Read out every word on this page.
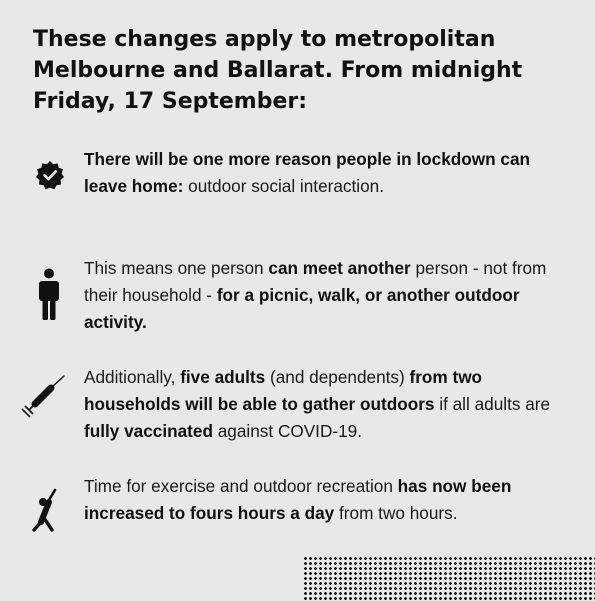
These changes apply to metropolitan
Melbourne and Ballarat. From midnight
Friday, 17 September:
There will be one more reason people in lockdown can leave home: outdoor social interaction.
This means one person can meet another person - not from their household - for a picnic, walk, or another outdoor activity.
Additionally, five adults (and dependents) from two households will be able to gather outdoors if all adults are fully vaccinated against COVID-19.
Time for exercise and outdoor recreation has now been increased to fours hours a day from two hours.
